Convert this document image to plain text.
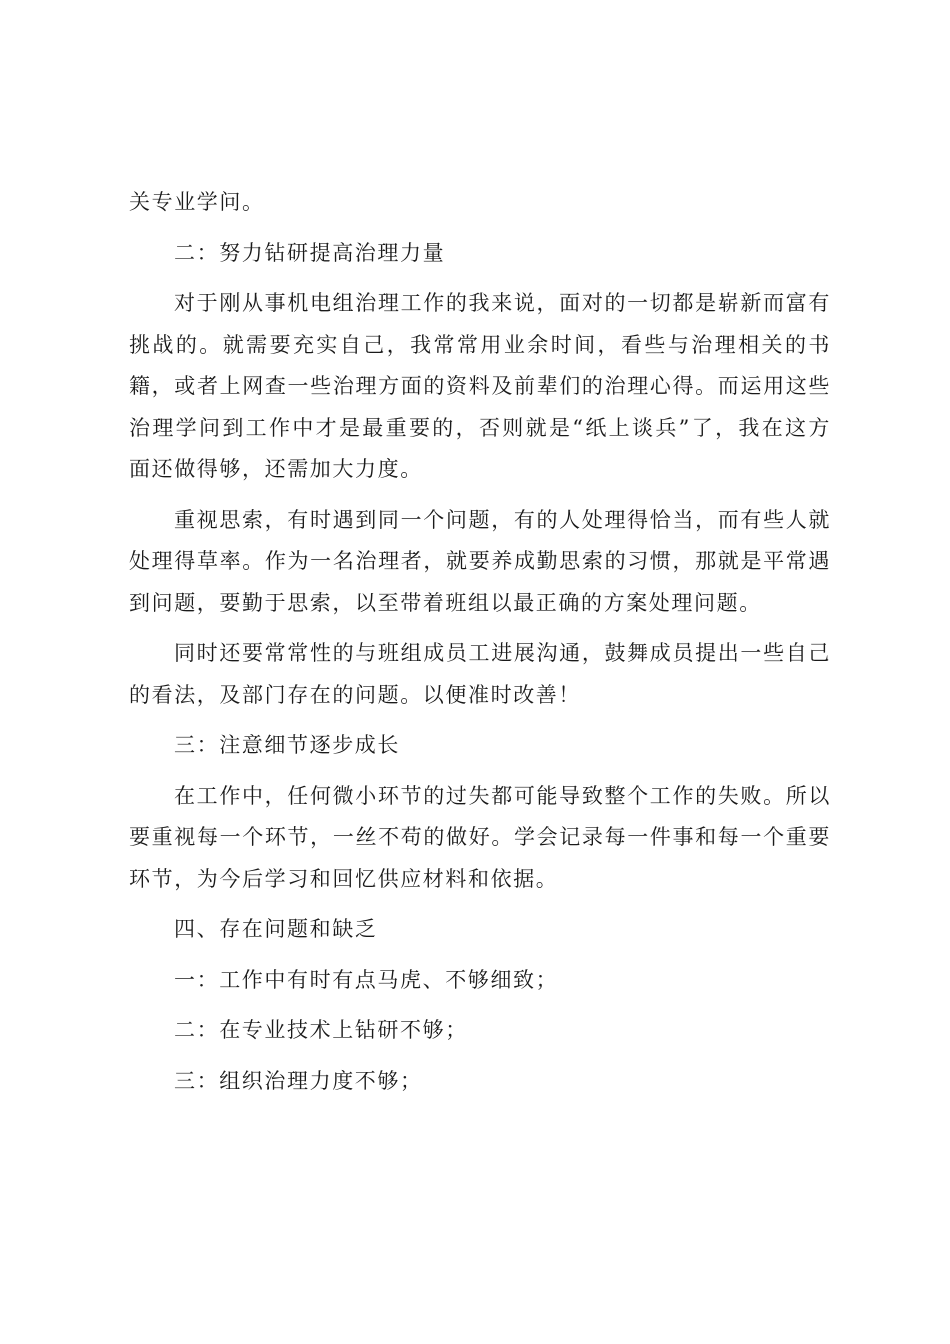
关专业学问。

二：努力钻研提高治理力量

对于刚从事机电组治理工作的我来说，面对的一切都是崭新而富有挑战的。就需要充实自己，我常常用业余时间，看些与治理相关的书籍，或者上网查一些治理方面的资料及前辈们的治理心得。而运用这些治理学问到工作中才是最重要的，否则就是“纸上谈兵”了，我在这方面还做得够，还需加大力度。

重视思索，有时遇到同一个问题，有的人处理得恰当，而有些人就处理得草率。作为一名治理者，就要养成勤思索的习惯，那就是平常遇到问题，要勤于思索，以至带着班组以最正确的方案处理问题。

同时还要常常性的与班组成员工进展沟通，鼓舞成员提出一些自己的看法，及部门存在的问题。以便准时改善！

三：注意细节逐步成长

在工作中，任何微小环节的过失都可能导致整个工作的失败。所以要重视每一个环节，一丝不苟的做好。学会记录每一件事和每一个重要环节，为今后学习和回忆供应材料和依据。

四、存在问题和缺乏

一：工作中有时有点马虎、不够细致；

二：在专业技术上钻研不够；

三：组织治理力度不够；
